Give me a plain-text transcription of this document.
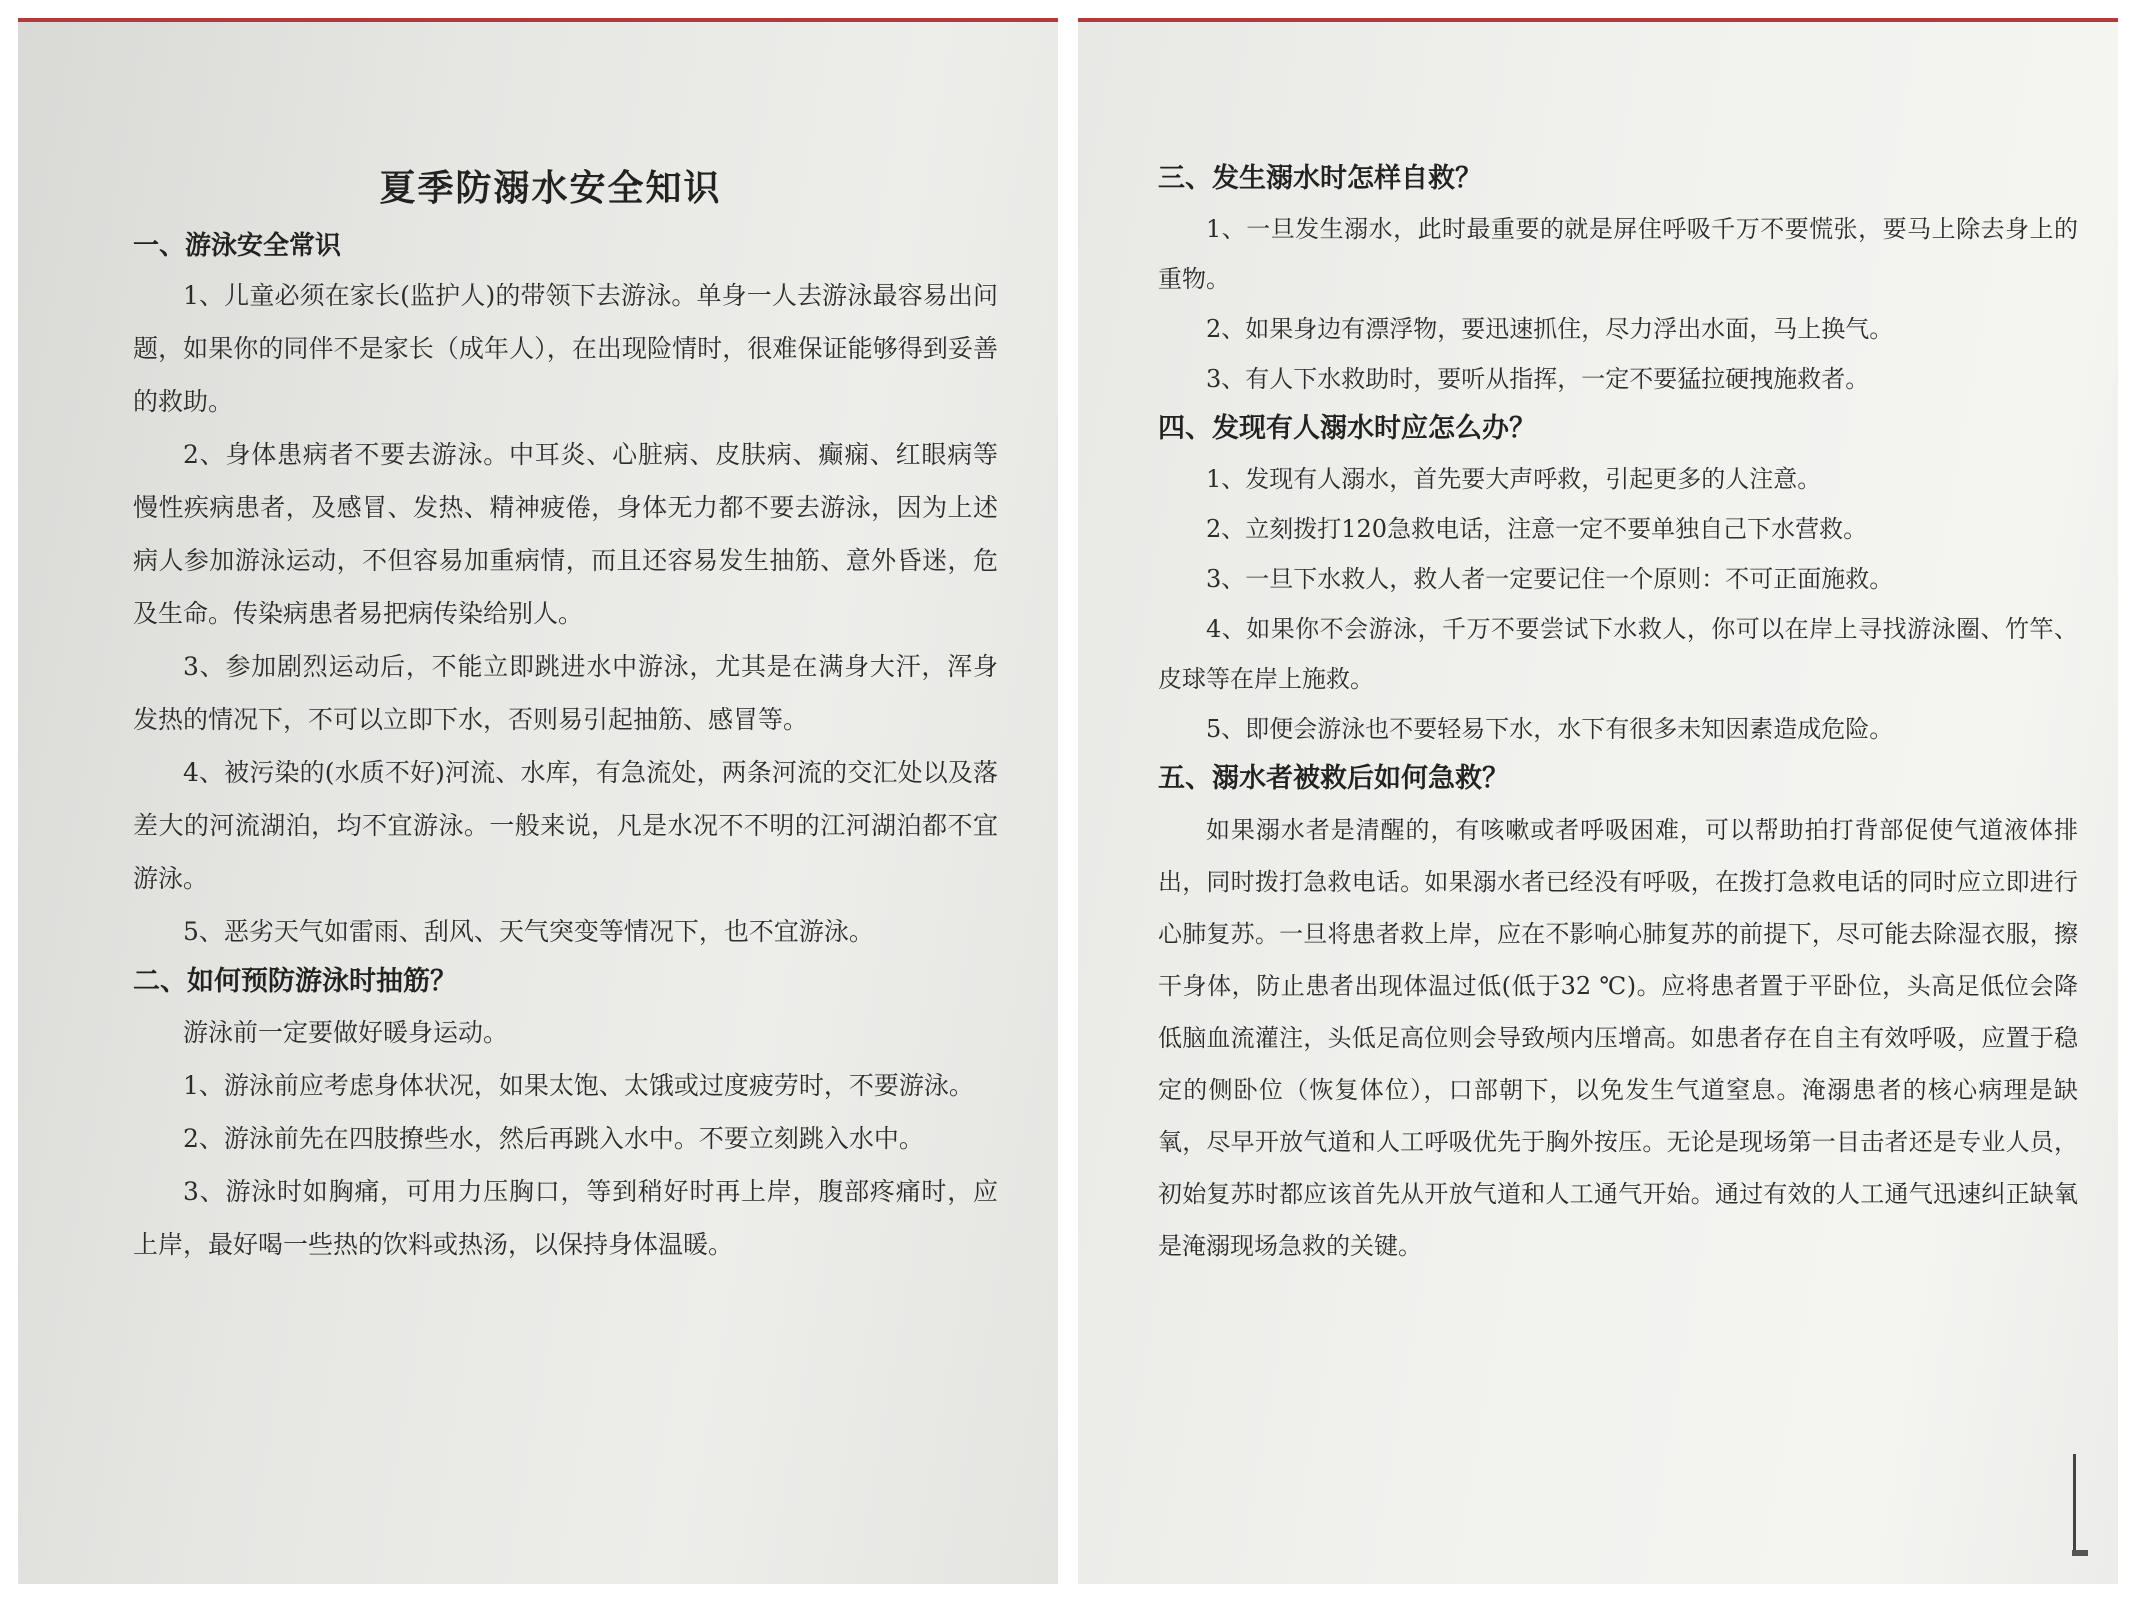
夏季防溺水安全知识
一、游泳安全常识

1、儿童必须在家长(监护人)的带领下去游泳。单身一人去游泳最容易出问题，如果你的同伴不是家长（成年人），在出现险情时，很难保证能够得到妥善的救助。

2、身体患病者不要去游泳。中耳炎、心脏病、皮肤病、癫痫、红眼病等慢性疾病患者，及感冒、发热、精神疲倦，身体无力都不要去游泳，因为上述病人参加游泳运动，不但容易加重病情，而且还容易发生抽筋、意外昏迷，危及生命。传染病患者易把病传染给别人。

3、参加剧烈运动后，不能立即跳进水中游泳，尤其是在满身大汗，浑身发热的情况下，不可以立即下水，否则易引起抽筋、感冒等。

4、被污染的(水质不好)河流、水库，有急流处，两条河流的交汇处以及落差大的河流湖泊，均不宜游泳。一般来说，凡是水况不不明的江河湖泊都不宜游泳。

5、恶劣天气如雷雨、刮风、天气突变等情况下，也不宜游泳。

二、如何预防游泳时抽筋？

游泳前一定要做好暖身运动。

1、游泳前应考虑身体状况，如果太饱、太饿或过度疲劳时，不要游泳。

2、游泳前先在四肢撩些水，然后再跳入水中。不要立刻跳入水中。

3、游泳时如胸痛，可用力压胸口，等到稍好时再上岸，腹部疼痛时，应上岸，最好喝一些热的饮料或热汤，以保持身体温暖。

三、发生溺水时怎样自救？

1、一旦发生溺水，此时最重要的就是屏住呼吸千万不要慌张，要马上除去身上的重物。

2、如果身边有漂浮物，要迅速抓住，尽力浮出水面，马上换气。

3、有人下水救助时，要听从指挥，一定不要猛拉硬拽施救者。

四、发现有人溺水时应怎么办？

1、发现有人溺水，首先要大声呼救，引起更多的人注意。

2、立刻拨打120急救电话，注意一定不要单独自己下水营救。

3、一旦下水救人，救人者一定要记住一个原则：不可正面施救。

4、如果你不会游泳，千万不要尝试下水救人，你可以在岸上寻找游泳圈、竹竿、皮球等在岸上施救。

5、即便会游泳也不要轻易下水，水下有很多未知因素造成危险。

五、溺水者被救后如何急救？

如果溺水者是清醒的，有咳嗽或者呼吸困难，可以帮助拍打背部促使气道液体排出，同时拨打急救电话。如果溺水者已经没有呼吸，在拨打急救电话的同时应立即进行心肺复苏。一旦将患者救上岸，应在不影响心肺复苏的前提下，尽可能去除湿衣服，擦干身体，防止患者出现体温过低(低于32 ℃)。应将患者置于平卧位，头高足低位会降低脑血流灌注，头低足高位则会导致颅内压增高。如患者存在自主有效呼吸，应置于稳定的侧卧位（恢复体位），口部朝下，以免发生气道窒息。淹溺患者的核心病理是缺氧，尽早开放气道和人工呼吸优先于胸外按压。无论是现场第一目击者还是专业人员，初始复苏时都应该首先从开放气道和人工通气开始。通过有效的人工通气迅速纠正缺氧是淹溺现场急救的关键。
